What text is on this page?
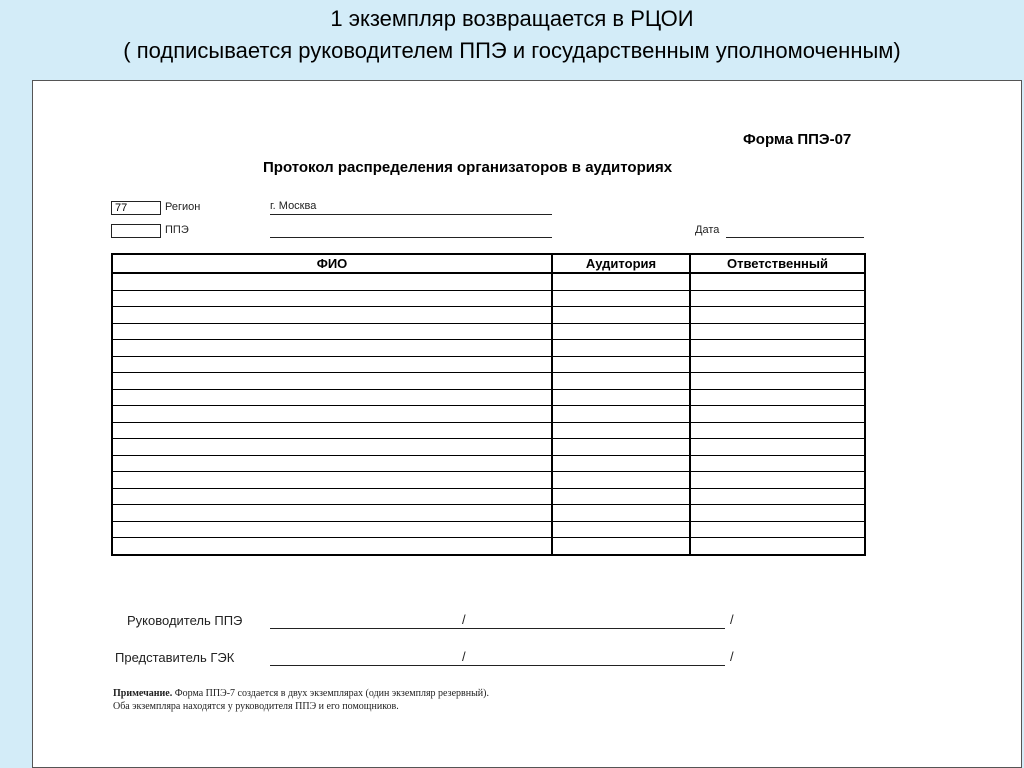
1 экземпляр возвращается в РЦОИ
( подписывается руководителем ППЭ и государственным уполномоченным)
Форма ППЭ-07
Протокол распределения организаторов в аудиториях
77	Регион	г. Москва
ППЭ	Дата
ФИО	Аудитория	Ответственный

Руководитель ППЭ	/	/
Представитель ГЭК	/	/
Примечание. Форма ППЭ-7 создается в двух экземплярах (один экземпляр резервный).
Оба экземпляра находятся у руководителя ППЭ и его помощников.
